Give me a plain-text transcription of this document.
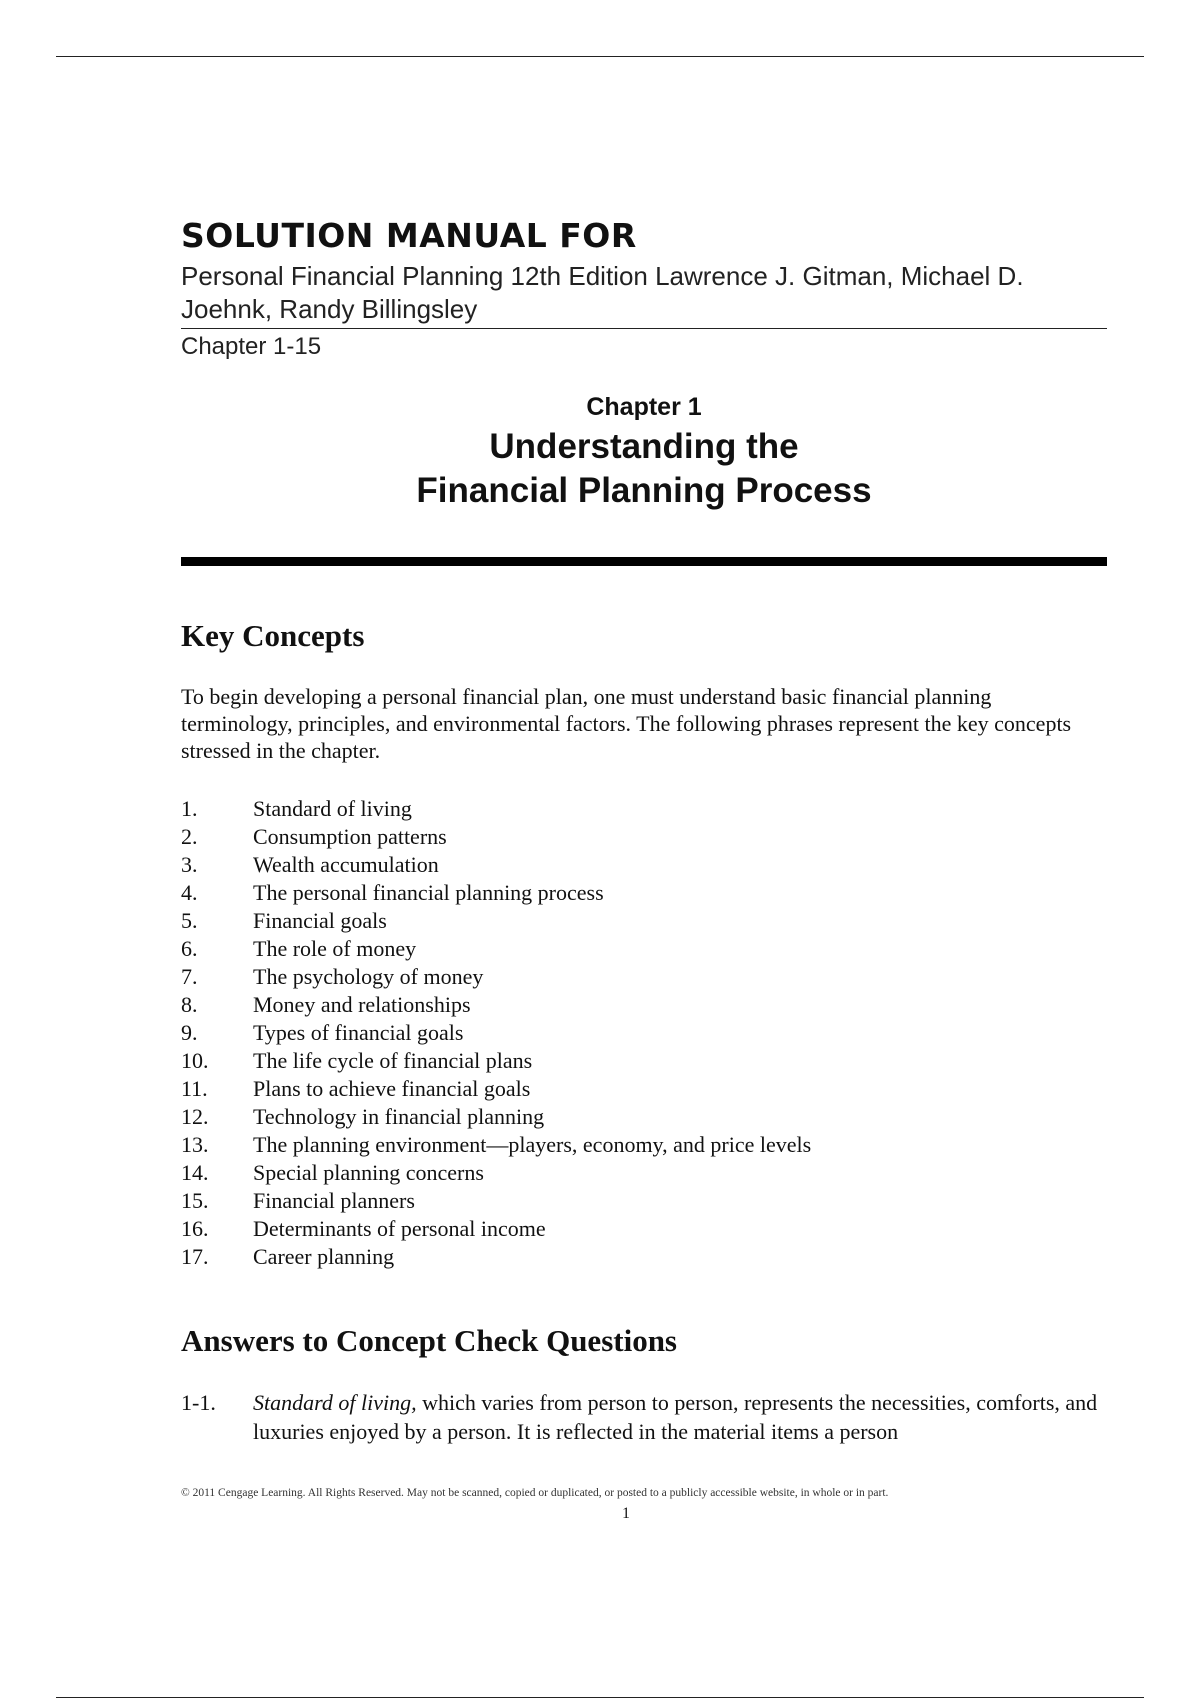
SOLUTION MANUAL FOR
Personal Financial Planning 12th Edition Lawrence J. Gitman, Michael D. Joehnk, Randy Billingsley
Chapter 1-15
Chapter 1
Understanding the
Financial Planning Process
Key Concepts
To begin developing a personal financial plan, one must understand basic financial planning terminology, principles, and environmental factors. The following phrases represent the key concepts stressed in the chapter.
1.	Standard of living
2.	Consumption patterns
3.	Wealth accumulation
4.	The personal financial planning process
5.	Financial goals
6.	The role of money
7.	The psychology of money
8.	Money and relationships
9.	Types of financial goals
10. The life cycle of financial plans
11. Plans to achieve financial goals
12. Technology in financial planning
13. The planning environment—players, economy, and price levels
14. Special planning concerns
15. Financial planners
16. Determinants of personal income
17. Career planning
Answers to Concept Check Questions
1-1. Standard of living, which varies from person to person, represents the necessities, comforts, and luxuries enjoyed by a person. It is reflected in the material items a person
© 2011 Cengage Learning. All Rights Reserved. May not be scanned, copied or duplicated, or posted to a publicly accessible website, in whole or in part.
1
